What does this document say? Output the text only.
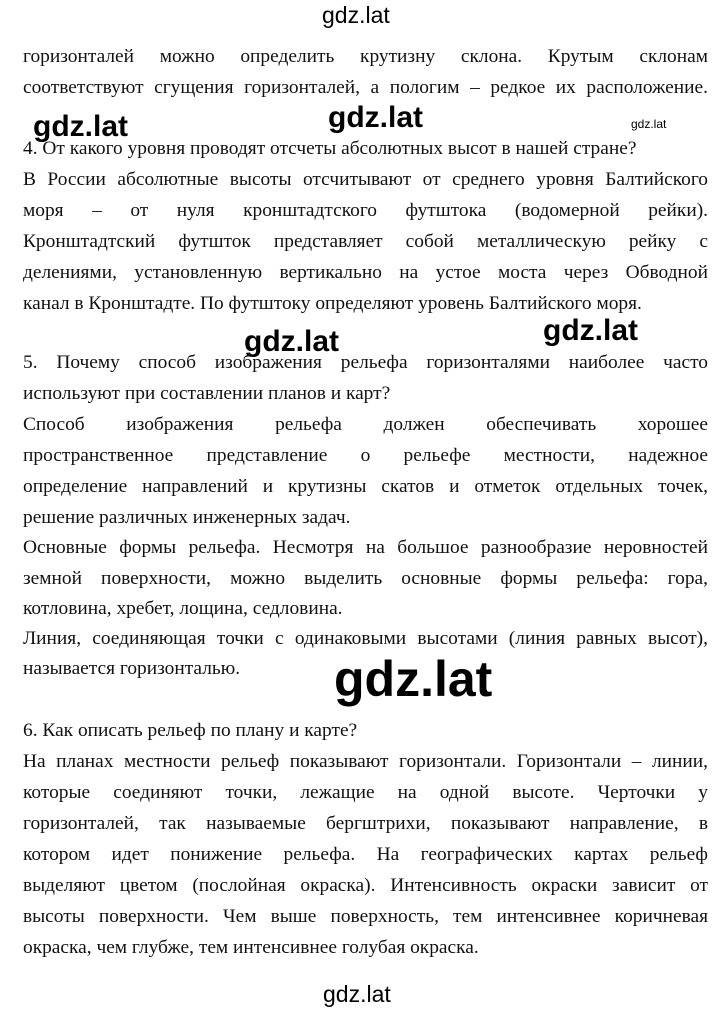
gdz.lat
gdz.lat	gdz.lat	gdz.lat
gdz.lat	gdz.lat
gdz.lat
gdz.lat
горизонталей можно определить крутизну склона. Крутым склонам
соответствуют сгущения горизонталей, а пологим – редкое их расположение.
4. От какого уровня проводят отсчеты абсолютных высот в нашей стране?
В России абсолютные высоты отсчитывают от среднего уровня Балтийского
моря – от нуля кронштадтского футштока (водомерной рейки).
Кронштадтский футшток представляет собой металлическую рейку с
делениями, установленную вертикально на устое моста через Обводной
канал в Кронштадте. По футштоку определяют уровень Балтийского моря.
5. Почему способ изображения рельефа горизонталями наиболее часто
используют при составлении планов и карт?
Способ изображения рельефа должен обеспечивать хорошее
пространственное представление о рельефе местности, надежное
определение направлений и крутизны скатов и отметок отдельных точек,
решение различных инженерных задач.
Основные формы рельефа. Несмотря на большое разнообразие неровностей
земной поверхности, можно выделить основные формы рельефа: гора,
котловина, хребет, лощина, седловина.
Линия, соединяющая точки с одинаковыми высотами (линия равных высот),
называется горизонталью.
6. Как описать рельеф по плану и карте?
На планах местности рельеф показывают горизонтали. Горизонтали – линии,
которые соединяют точки, лежащие на одной высоте. Черточки у
горизонталей, так называемые бергштрихи, показывают направление, в
котором идет понижение рельефа. На географических картах рельеф
выделяют цветом (послойная окраска). Интенсивность окраски зависит от
высоты поверхности. Чем выше поверхность, тем интенсивнее коричневая
окраска, чем глубже, тем интенсивнее голубая окраска.
